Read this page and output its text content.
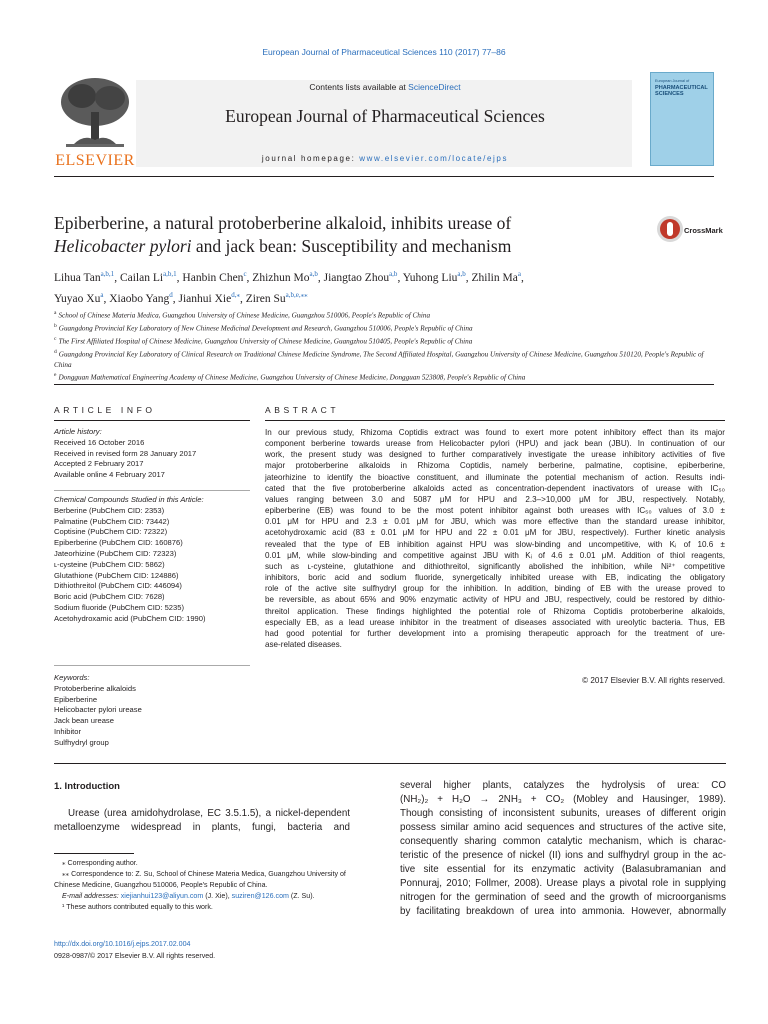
European Journal of Pharmaceutical Sciences 110 (2017) 77–86
ELSEVIER
Contents lists available at ScienceDirect
European Journal of Pharmaceutical Sciences
journal homepage: www.elsevier.com/locate/ejps
European Journal of
PHARMACEUTICAL SCIENCES
Epiberberine, a natural protoberberine alkaloid, inhibits urease of
Helicobacter pylori and jack bean: Susceptibility and mechanism
CrossMark
Lihua Tan$^{a,b,1}$, Cailan Li$^{a,b,1}$, Hanbin Chen$^c$, Zhizhun Mo$^{a,b}$, Jiangtao Zhou$^{a,b}$, Yuhong Liu$^{a,b}$, Zhilin Ma$^a$,
Yuyao Xu$^a$, Xiaobo Yang$^d$, Jianhui Xie$^{d,⁎}$, Ziren $Su^{a,b,e,⁎⁎}$
$^a$ School of Chinese Materia Medica, Guangzhou University of Chinese Medicine, Guangzhou 510006, People's Republic of China
$^b$ Guangdong Provincial Key Laboratory of New Chinese Medicinal Development and Research, Guangzhou 510006, People's Republic of China
$^c$ The First Affiliated Hospital of Chinese Medicine, Guangzhou University of Chinese Medicine, Guangzhou 510405, People's Republic of China
$^d$ Guangdong Provincial Key Laboratory of Clinical Research on Traditional Chinese Medicine Syndrome, The Second Affiliated Hospital, Guangzhou University of Chinese Medicine, Guangzhou 510120, People's Republic of China
$^e$ Dongguan Mathematical Engineering Academy of Chinese Medicine, Guangzhou University of Chinese Medicine, Dongguan 523808, People's Republic of China
ARTICLE INFO
Article history:
Received 16 October 2016
Received in revised form 28 January 2017
Accepted 2 February 2017
Available online 4 February 2017
Chemical Compounds Studied in this Article:
Berberine (PubChem CID: 2353)
Palmatine (PubChem CID: 73442)
Coptisine (PubChem CID: 72322)
Epiberberine (PubChem CID: 160876)
Jateorhizine (PubChem CID: 72323)
ʟ-cysteine (PubChem CID: 5862)
Glutathione (PubChem CID: 124886)
Dithiothreitol (PubChem CID: 446094)
Boric acid (PubChem CID: 7628)
Sodium fluoride (PubChem CID: 5235)
Acetohydroxamic acid (PubChem CID: 1990)
Keywords:
Protoberberine alkaloids
Epiberberine
Helicobacter pylori urease
Jack bean urease
Inhibitor
Sulfhydryl group
ABSTRACT
In our previous study, Rhizoma Coptidis extract was found to exert more potent inhibitory effect than its major
component berberine towards urease from Helicobacter pylori (HPU) and jack bean (JBU). In continuation of our
work, the present study was designed to further comparatively investigate the urease inhibitory activities of five
major protoberberine alkaloids in Rhizoma Coptidis, namely berberine, palmatine, coptisine, epiberberine,
jateorhizine to identify the bioactive constituent, and illuminate the potential mechanism of action. Results indi-
cated that the five protoberberine alkaloids acted as concentration-dependent inactivators of urease with IC₅₀
values ranging between 3.0 and 5087 μM for HPU and 2.3–>10,000 μM for JBU, respectively. Notably,
epiberberine (EB) was found to be the most potent inhibitor against both ureases with IC₅₀ values of 3.0 ±
0.01 μM for HPU and 2.3 ± 0.01 μM for JBU, which was more effective than the standard urease inhibitor,
acetohydroxamic acid (83 ± 0.01 μM for HPU and 22 ± 0.01 μM for JBU, respectively). Further kinetic analysis
revealed that the type of EB inhibition against HPU was slow-binding and uncompetitive, with Kᵢ of 10.6 ±
0.01 μM, while slow-binding and competitive against JBU with Kᵢ of 4.6 ± 0.01 μM. Addition of thiol reagents,
such as ʟ-cysteine, glutathione and dithiothreitol, significantly abolished the inhibition, while Ni²⁺ competitive
inhibitors, boric acid and sodium fluoride, synergetically inhibited urease with EB, indicating the obligatory
role of the active site sulfhydryl group for the inhibition. In addition, binding of EB with the urease proved to
be reversible, as about 65% and 90% enzymatic activity of HPU and JBU, respectively, could be restored by dithio-
threitol application. These findings highlighted the potential role of Rhizoma Coptidis protoberberine alkaloids,
especially EB, as a lead urease inhibitor in the treatment of diseases associated with ureolytic bacteria. Thus, EB
had good potential for further development into a promising therapeutic approach for the treatment of ure-
ase-related diseases.
© 2017 Elsevier B.V. All rights reserved.
1. Introduction
Urease (urea amidohydrolase, EC 3.5.1.5), a nickel-dependent
metalloenzyme widespread in plants, fungi, bacteria and
several higher plants, catalyzes the hydrolysis of urea: CO
(NH₂)₂ + H₂O → 2NH₃ + CO₂ (Mobley and Hausinger, 1989).
Though consisting of inconsistent subunits, ureases of different origin
possess similar amino acid sequences and structures of the active site,
consequently sharing common catalytic mechanism, which is charac-
teristic of the presence of nickel (II) ions and sulfhydryl group in the ac-
tive site essential for its enzymatic activity (Balasubramanian and
Ponnuraj, 2010; Follmer, 2008). Urease plays a pivotal role in supplying
nitrogen for the germination of seed and the growth of microorganisms
by facilitating breakdown of urea into ammonia. However, abnormally
⁎ Corresponding author.
⁎⁎ Correspondence to: Z. Su, School of Chinese Materia Medica, Guangzhou University of
Chinese Medicine, Guangzhou 510006, People's Republic of China.
E-mail addresses: xiejianhui123@aliyun.com (J. Xie), suziren@126.com (Z. Su).
¹ These authors contributed equally to this work.
http://dx.doi.org/10.1016/j.ejps.2017.02.004
0928-0987/© 2017 Elsevier B.V. All rights reserved.
